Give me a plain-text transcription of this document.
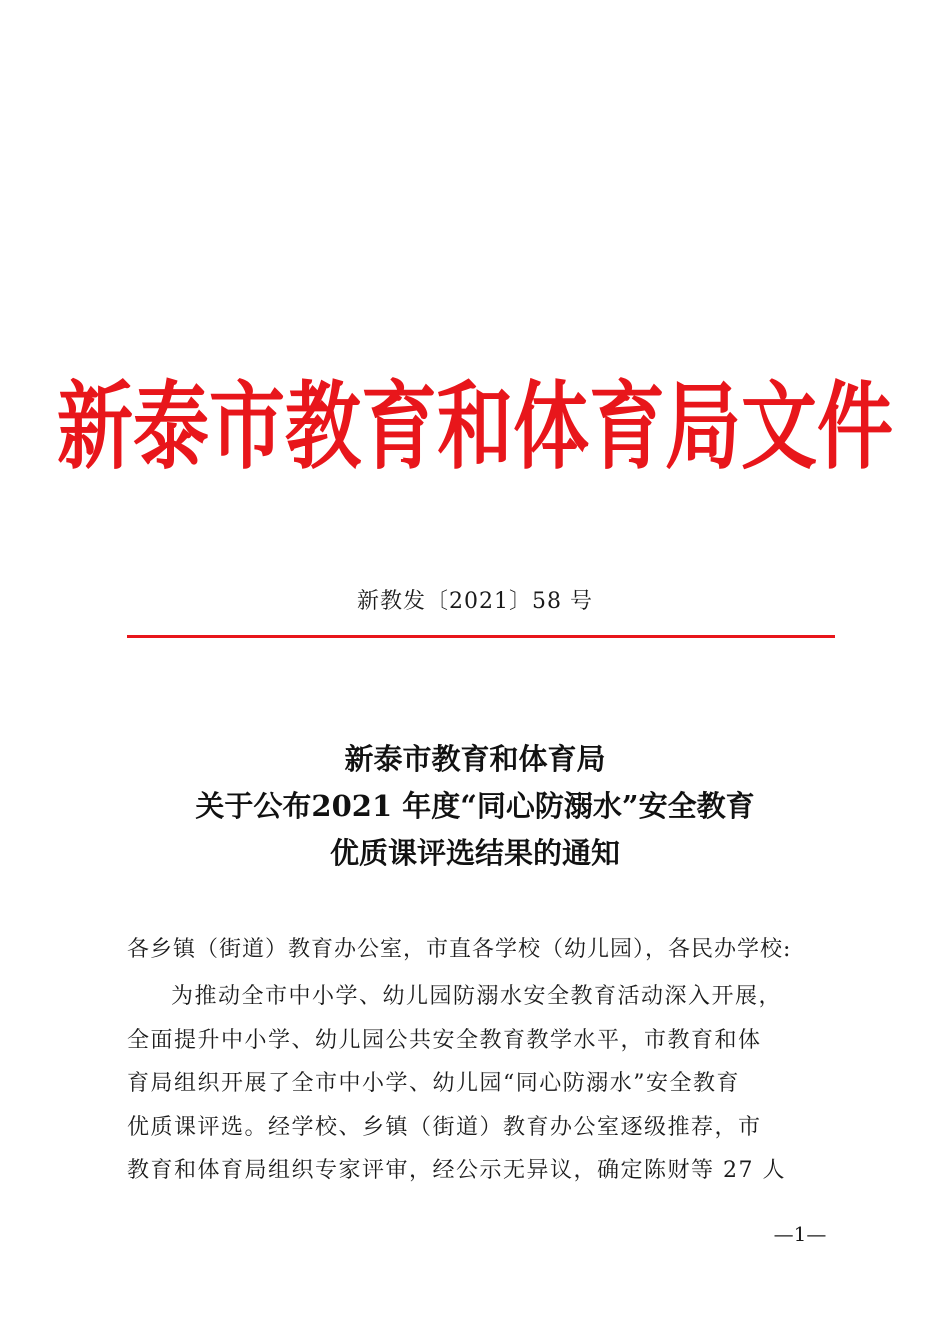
新泰市教育和体育局文件
新教发〔2021〕58 号
新泰市教育和体育局
关于公布2021 年度“同心防溺水”安全教育
优质课评选结果的通知
各乡镇（街道）教育办公室，市直各学校（幼儿园），各民办学校:
为推动全市中小学、幼儿园防溺水安全教育活动深入开展，
全面提升中小学、幼儿园公共安全教育教学水平，市教育和体
育局组织开展了全市中小学、幼儿园“同心防溺水”安全教育
优质课评选。经学校、乡镇（街道）教育办公室逐级推荐，市
教育和体育局组织专家评审，经公示无异议，确定陈财等 27 人
—1—
